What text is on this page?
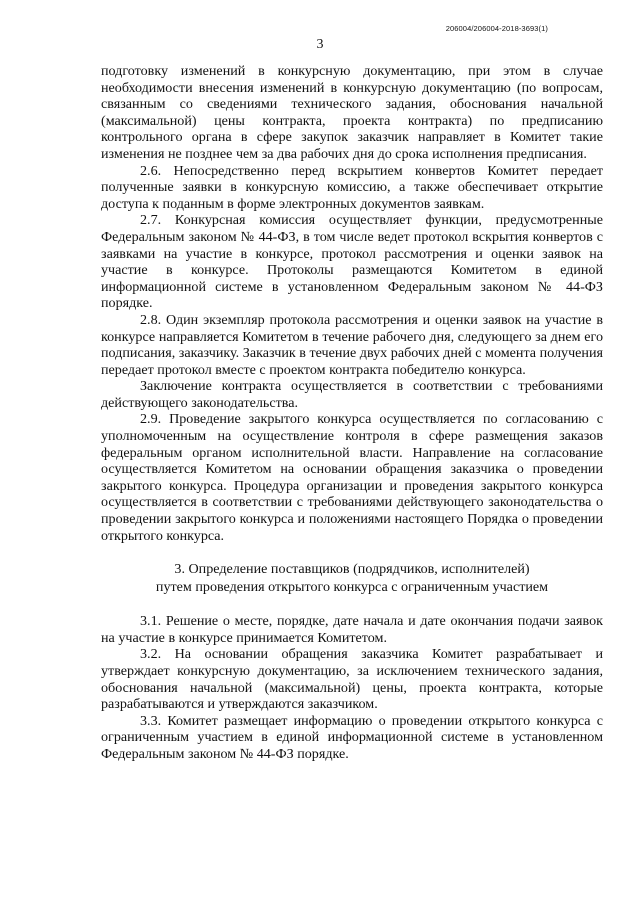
206004/206004-2018-3693(1)
3

подготовку изменений в конкурсную документацию, при этом в случае необходимости внесения изменений в конкурсную документацию (по вопросам, связанным со сведениями технического задания, обоснования начальной (максимальной) цены контракта, проекта контракта) по предписанию контрольного органа в сфере закупок заказчик направляет в Комитет такие изменения не позднее чем за два рабочих дня до срока исполнения предписания.

2.6. Непосредственно перед вскрытием конвертов Комитет передает полученные заявки в конкурсную комиссию, а также обеспечивает открытие доступа к поданным в форме электронных документов заявкам.

2.7. Конкурсная комиссия осуществляет функции, предусмотренные Федеральным законом № 44-ФЗ, в том числе ведет протокол вскрытия конвертов с заявками на участие в конкурсе, протокол рассмотрения и оценки заявок на участие в конкурсе. Протоколы размещаются Комитетом в единой информационной системе в установленном Федеральным законом № 44-ФЗ порядке.

2.8. Один экземпляр протокола рассмотрения и оценки заявок на участие в конкурсе направляется Комитетом в течение рабочего дня, следующего за днем его подписания, заказчику. Заказчик в течение двух рабочих дней с момента получения передает протокол вместе с проектом контракта победителю конкурса.

Заключение контракта осуществляется в соответствии с требованиями действующего законодательства.

2.9. Проведение закрытого конкурса осуществляется по согласованию с уполномоченным на осуществление контроля в сфере размещения заказов федеральным органом исполнительной власти. Направление на согласование осуществляется Комитетом на основании обращения заказчика о проведении закрытого конкурса. Процедура организации и проведения закрытого конкурса осуществляется в соответствии с требованиями действующего законодательства о проведении закрытого конкурса и положениями настоящего Порядка о проведении открытого конкурса.

3. Определение поставщиков (подрядчиков, исполнителей)
путем проведения открытого конкурса с ограниченным участием

3.1. Решение о месте, порядке, дате начала и дате окончания подачи заявок на участие в конкурсе принимается Комитетом.

3.2. На основании обращения заказчика Комитет разрабатывает и утверждает конкурсную документацию, за исключением технического задания, обоснования начальной (максимальной) цены, проекта контракта, которые разрабатываются и утверждаются заказчиком.

3.3. Комитет размещает информацию о проведении открытого конкурса с ограниченным участием в единой информационной системе в установленном Федеральным законом № 44-ФЗ порядке.
